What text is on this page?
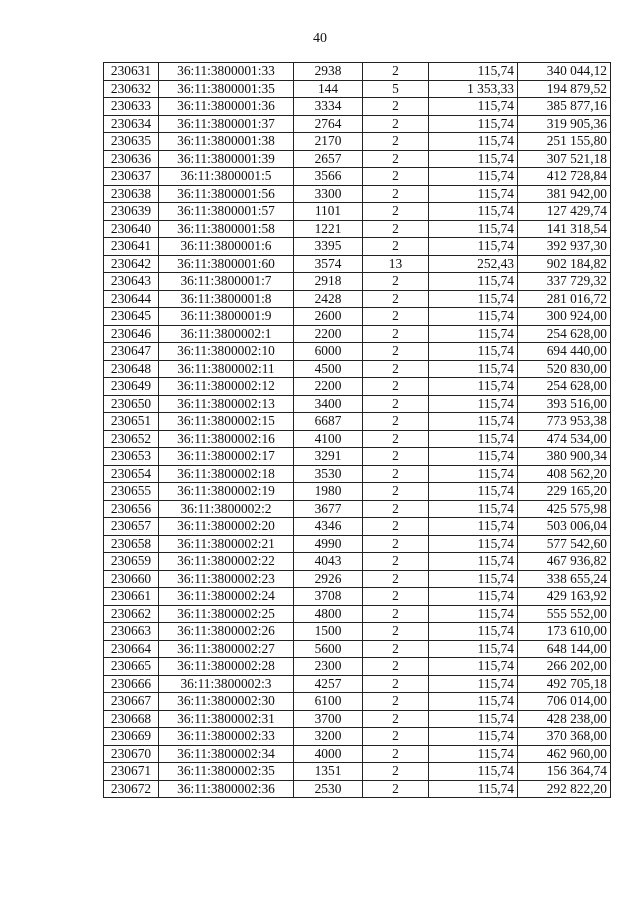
40
230631	36:11:3800001:33	2938	2	115,74	340 044,12
230632	36:11:3800001:35	144	5	1 353,33	194 879,52
230633	36:11:3800001:36	3334	2	115,74	385 877,16
230634	36:11:3800001:37	2764	2	115,74	319 905,36
230635	36:11:3800001:38	2170	2	115,74	251 155,80
230636	36:11:3800001:39	2657	2	115,74	307 521,18
230637	36:11:3800001:5	3566	2	115,74	412 728,84
230638	36:11:3800001:56	3300	2	115,74	381 942,00
230639	36:11:3800001:57	1101	2	115,74	127 429,74
230640	36:11:3800001:58	1221	2	115,74	141 318,54
230641	36:11:3800001:6	3395	2	115,74	392 937,30
230642	36:11:3800001:60	3574	13	252,43	902 184,82
230643	36:11:3800001:7	2918	2	115,74	337 729,32
230644	36:11:3800001:8	2428	2	115,74	281 016,72
230645	36:11:3800001:9	2600	2	115,74	300 924,00
230646	36:11:3800002:1	2200	2	115,74	254 628,00
230647	36:11:3800002:10	6000	2	115,74	694 440,00
230648	36:11:3800002:11	4500	2	115,74	520 830,00
230649	36:11:3800002:12	2200	2	115,74	254 628,00
230650	36:11:3800002:13	3400	2	115,74	393 516,00
230651	36:11:3800002:15	6687	2	115,74	773 953,38
230652	36:11:3800002:16	4100	2	115,74	474 534,00
230653	36:11:3800002:17	3291	2	115,74	380 900,34
230654	36:11:3800002:18	3530	2	115,74	408 562,20
230655	36:11:3800002:19	1980	2	115,74	229 165,20
230656	36:11:3800002:2	3677	2	115,74	425 575,98
230657	36:11:3800002:20	4346	2	115,74	503 006,04
230658	36:11:3800002:21	4990	2	115,74	577 542,60
230659	36:11:3800002:22	4043	2	115,74	467 936,82
230660	36:11:3800002:23	2926	2	115,74	338 655,24
230661	36:11:3800002:24	3708	2	115,74	429 163,92
230662	36:11:3800002:25	4800	2	115,74	555 552,00
230663	36:11:3800002:26	1500	2	115,74	173 610,00
230664	36:11:3800002:27	5600	2	115,74	648 144,00
230665	36:11:3800002:28	2300	2	115,74	266 202,00
230666	36:11:3800002:3	4257	2	115,74	492 705,18
230667	36:11:3800002:30	6100	2	115,74	706 014,00
230668	36:11:3800002:31	3700	2	115,74	428 238,00
230669	36:11:3800002:33	3200	2	115,74	370 368,00
230670	36:11:3800002:34	4000	2	115,74	462 960,00
230671	36:11:3800002:35	1351	2	115,74	156 364,74
230672	36:11:3800002:36	2530	2	115,74	292 822,20
